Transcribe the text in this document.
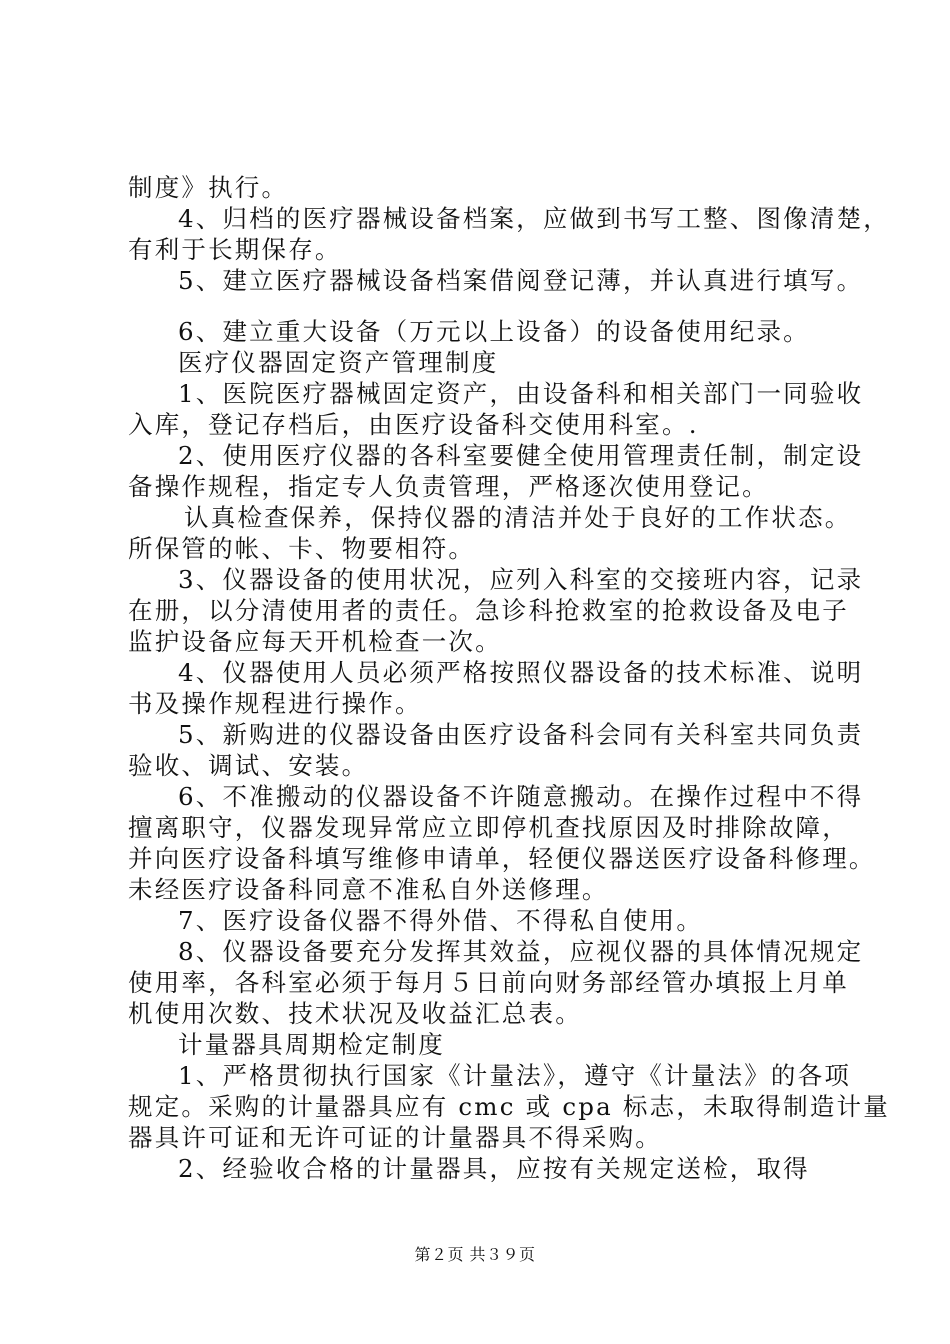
制度》执行。
4、归档的医疗器械设备档案，应做到书写工整、图像清楚，
有利于长期保存。
5、建立医疗器械设备档案借阅登记薄，并认真进行填写。
6、建立重大设备（万元以上设备）的设备使用纪录。
医疗仪器固定资产管理制度
1、医院医疗器械固定资产，由设备科和相关部门一同验收
入库，登记存档后，由医疗设备科交使用科室。.
2、使用医疗仪器的各科室要健全使用管理责任制，制定设
备操作规程，指定专人负责管理，严格逐次使用登记。
认真检查保养，保持仪器的清洁并处于良好的工作状态。
所保管的帐、卡、物要相符。
3、仪器设备的使用状况，应列入科室的交接班内容，记录
在册，以分清使用者的责任。急诊科抢救室的抢救设备及电子
监护设备应每天开机检查一次。
4、仪器使用人员必须严格按照仪器设备的技术标准、说明
书及操作规程进行操作。
5、新购进的仪器设备由医疗设备科会同有关科室共同负责
验收、调试、安装。
6、不准搬动的仪器设备不许随意搬动。在操作过程中不得
擅离职守，仪器发现异常应立即停机查找原因及时排除故障，
并向医疗设备科填写维修申请单，轻便仪器送医疗设备科修理。
未经医疗设备科同意不准私自外送修理。
7、医疗设备仪器不得外借、不得私自使用。
8、仪器设备要充分发挥其效益，应视仪器的具体情况规定
使用率，各科室必须于每月５日前向财务部经管办填报上月单
机使用次数、技术状况及收益汇总表。
计量器具周期检定制度
1、严格贯彻执行国家《计量法》，遵守《计量法》的各项
规定。采购的计量器具应有 cmc 或 cpa 标志，未取得制造计量
器具许可证和无许可证的计量器具不得采购。
2、经验收合格的计量器具，应按有关规定送检，取得
第２页 共３９页
